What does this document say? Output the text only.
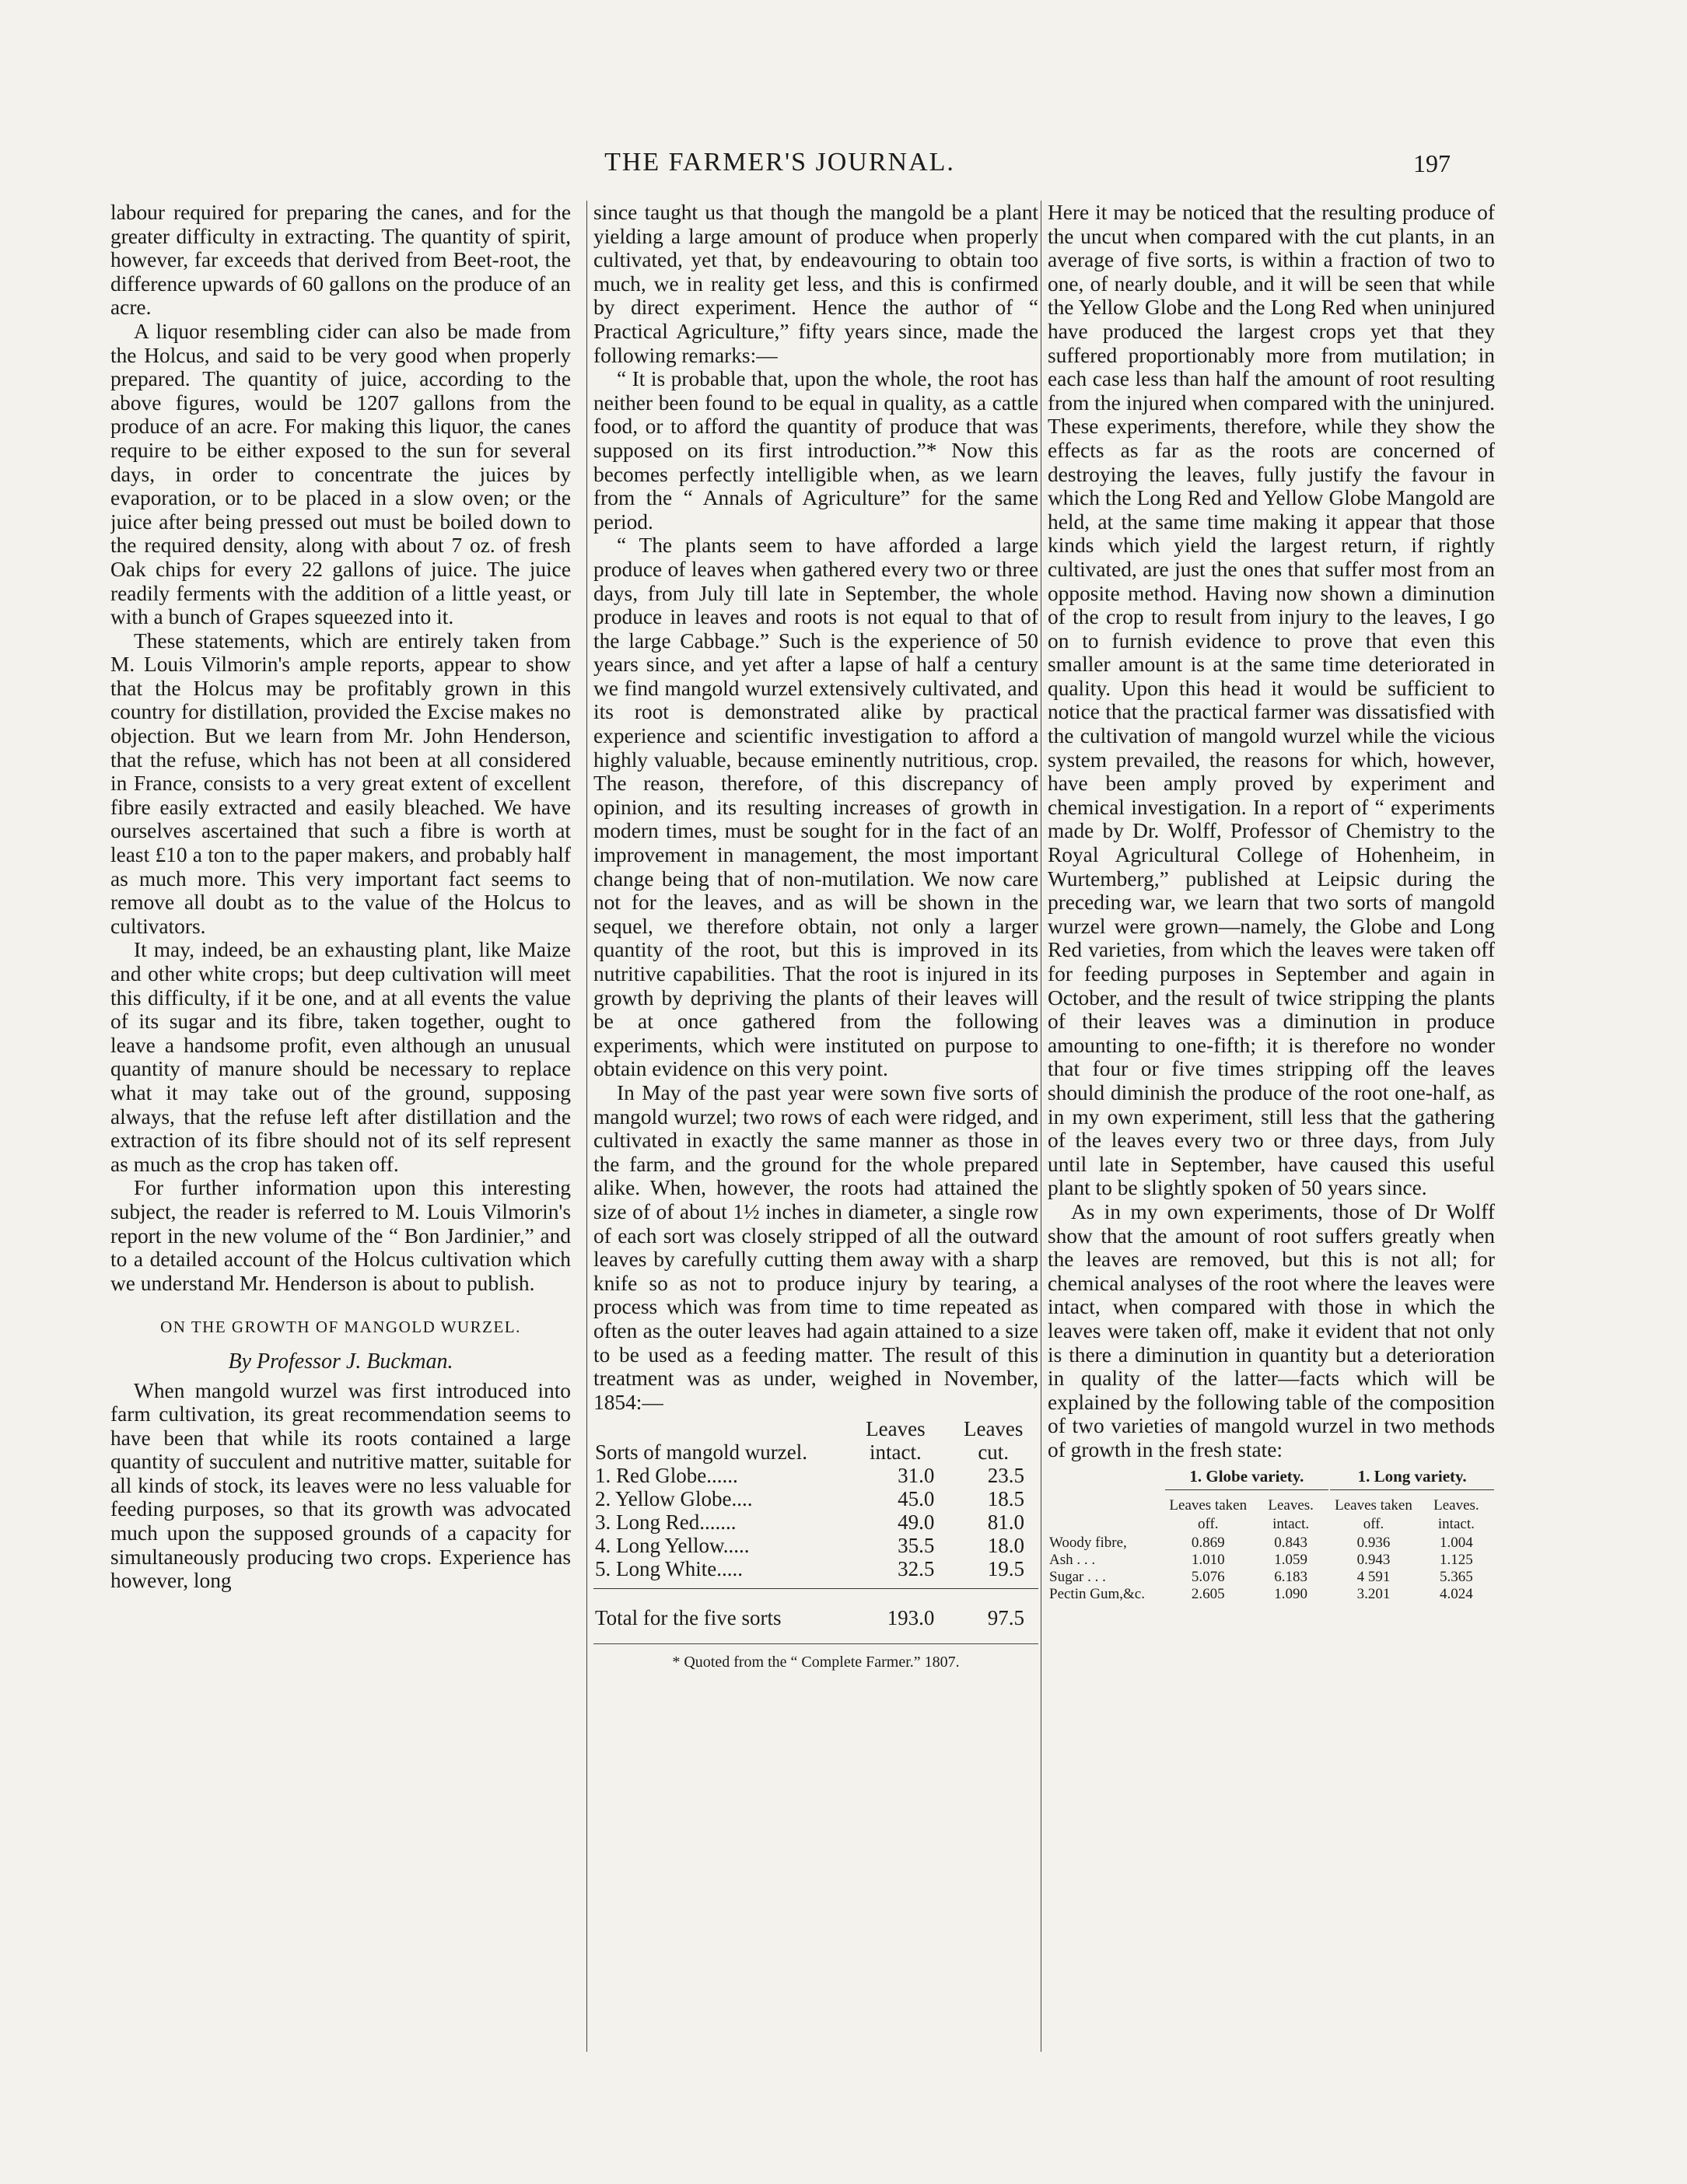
THE FARMER'S JOURNAL.	197

labour required for preparing the canes, and for the greater difficulty in extracting. The quantity of spirit, however, far exceeds that derived from Beet-root, the difference upwards of 60 gallons on the produce of an acre.

A liquor resembling cider can also be made from the Holcus, and said to be very good when properly prepared. The quantity of juice, according to the above figures, would be 1207 gallons from the produce of an acre. For making this liquor, the canes require to be either exposed to the sun for several days, in order to concentrate the juices by evaporation, or to be placed in a slow oven; or the juice after being pressed out must be boiled down to the required density, along with about 7 oz. of fresh Oak chips for every 22 gallons of juice. The juice readily ferments with the addition of a little yeast, or with a bunch of Grapes squeezed into it.

These statements, which are entirely taken from M. Louis Vilmorin's ample reports, appear to show that the Holcus may be profitably grown in this country for distillation, provided the Excise makes no objection. But we learn from Mr. John Henderson, that the refuse, which has not been at all considered in France, consists to a very great extent of excellent fibre easily extracted and easily bleached. We have ourselves ascertained that such a fibre is worth at least £10 a ton to the paper makers, and probably half as much more. This very important fact seems to remove all doubt as to the value of the Holcus to cultivators.

It may, indeed, be an exhausting plant, like Maize and other white crops; but deep cultivation will meet this difficulty, if it be one, and at all events the value of its sugar and its fibre, taken together, ought to leave a handsome profit, even although an unusual quantity of manure should be necessary to replace what it may take out of the ground, supposing always, that the refuse left after distillation and the extraction of its fibre should not of its self represent as much as the crop has taken off.

For further information upon this interesting subject, the reader is referred to M. Louis Vilmorin's report in the new volume of the “ Bon Jardinier,” and to a detailed account of the Holcus cultivation which we understand Mr. Henderson is about to publish.

ON THE GROWTH OF MANGOLD WURZEL.
By Professor J. Buckman.

When mangold wurzel was first introduced into farm cultivation, its great recommendation seems to have been that while its roots contained a large quantity of succulent and nutritive matter, suitable for all kinds of stock, its leaves were no less valuable for feeding purposes, so that its growth was advocated much upon the supposed grounds of a capacity for simultaneously producing two crops. Experience has however, long

since taught us that though the mangold be a plant yielding a large amount of produce when properly cultivated, yet that, by endeavouring to obtain too much, we in reality get less, and this is confirmed by direct experiment. Hence the author of “ Practical Agriculture,” fifty years since, made the following remarks:—

“ It is probable that, upon the whole, the root has neither been found to be equal in quality, as a cattle food, or to afford the quantity of produce that was supposed on its first introduction.”* Now this becomes perfectly intelligible when, as we learn from the “ Annals of Agriculture” for the same period.

“ The plants seem to have afforded a large produce of leaves when gathered every two or three days, from July till late in September, the whole produce in leaves and roots is not equal to that of the large Cabbage.” Such is the experience of 50 years since, and yet after a lapse of half a century we find mangold wurzel extensively cultivated, and its root is demonstrated alike by practical experience and scientific investigation to afford a highly valuable, because eminently nutritious, crop. The reason, therefore, of this discrepancy of opinion, and its resulting increases of growth in modern times, must be sought for in the fact of an improvement in management, the most important change being that of non-mutilation. We now care not for the leaves, and as will be shown in the sequel, we therefore obtain, not only a larger quantity of the root, but this is improved in its nutritive capabilities. That the root is injured in its growth by depriving the plants of their leaves will be at once gathered from the following experiments, which were instituted on purpose to obtain evidence on this very point.

In May of the past year were sown five sorts of mangold wurzel; two rows of each were ridged, and cultivated in exactly the same manner as those in the farm, and the ground for the whole prepared alike. When, however, the roots had attained the size of of about 1½ inches in diameter, a single row of each sort was closely stripped of all the outward leaves by carefully cutting them away with a sharp knife so as not to produce injury by tearing, a process which was from time to time repeated as often as the outer leaves had again attained to a size to be used as a feeding matter. The result of this treatment was as under, weighed in November, 1854:—

Sorts of mangold wurzel.	Leaves intact.	Leaves cut.
1. Red Globe......	31.0	23.5
2. Yellow Globe....	45.0	18.5
3. Long Red.......	49.0	81.0
4. Long Yellow.....	35.5	18.0
5. Long White.....	32.5	19.5

Total for the five sorts	193.0	97.5
* Quoted from the “ Complete Farmer.” 1807.

Here it may be noticed that the resulting produce of the uncut when compared with the cut plants, in an average of five sorts, is within a fraction of two to one, of nearly double, and it will be seen that while the Yellow Globe and the Long Red when uninjured have produced the largest crops yet that they suffered proportionably more from mutilation; in each case less than half the amount of root resulting from the injured when compared with the uninjured. These experiments, therefore, while they show the effects as far as the roots are concerned of destroying the leaves, fully justify the favour in which the Long Red and Yellow Globe Mangold are held, at the same time making it appear that those kinds which yield the largest return, if rightly cultivated, are just the ones that suffer most from an opposite method. Having now shown a diminution of the crop to result from injury to the leaves, I go on to furnish evidence to prove that even this smaller amount is at the same time deteriorated in quality. Upon this head it would be sufficient to notice that the practical farmer was dissatisfied with the cultivation of mangold wurzel while the vicious system prevailed, the reasons for which, however, have been amply proved by experiment and chemical investigation. In a report of “ experiments made by Dr. Wolff, Professor of Chemistry to the Royal Agricultural College of Hohenheim, in Wurtemberg,” published at Leipsic during the preceding war, we learn that two sorts of mangold wurzel were grown—namely, the Globe and Long Red varieties, from which the leaves were taken off for feeding purposes in September and again in October, and the result of twice stripping the plants of their leaves was a diminution in produce amounting to one-fifth; it is therefore no wonder that four or five times stripping off the leaves should diminish the produce of the root one-half, as in my own experiment, still less that the gathering of the leaves every two or three days, from July until late in September, have caused this useful plant to be slightly spoken of 50 years since.

As in my own experiments, those of Dr Wolff show that the amount of root suffers greatly when the leaves are removed, but this is not all; for chemical analyses of the root where the leaves were intact, when compared with those in which the leaves were taken off, make it evident that not only is there a diminution in quantity but a deterioration in quality of the latter—facts which will be explained by the following table of the composition of two varieties of mangold wurzel in two methods of growth in the fresh state:

	1. Globe variety.		1. Long variety.	

	Leaves taken off.	Leaves. intact.	Leaves taken off.	Leaves. intact.
Woody fibre,	0.869	0.843	0.936	1.004
Ash . . .	1.010	1.059	0.943	1.125
Sugar . . .	5.076	6.183	4 591	5.365
Pectin Gum,&c.	2.605	1.090	3.201	4.024
